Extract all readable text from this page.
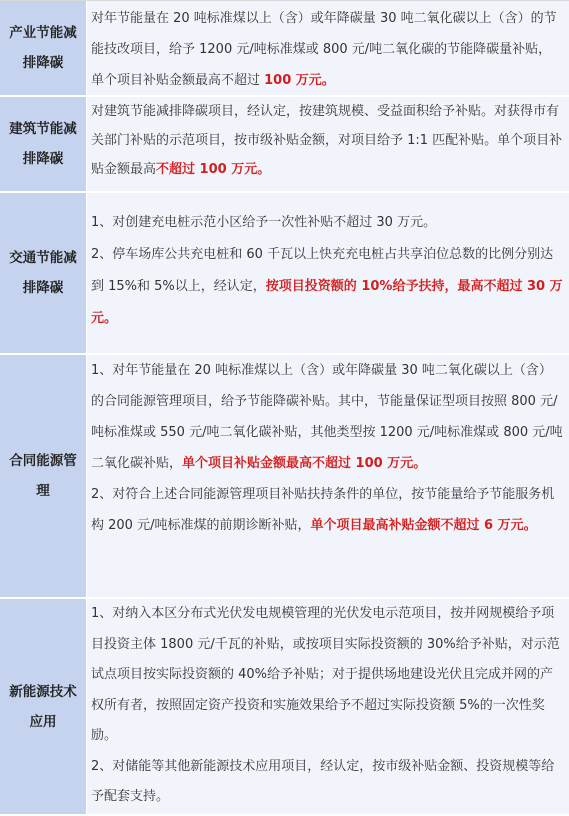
产业节能减排降碳

对年节能量在 20 吨标准煤以上（含）或年降碳量 30 吨二氧化碳以上（含）的节能技改项目，给予 1200 元/吨标准煤或 800 元/吨二氧化碳的节能降碳量补贴，单个项目补贴金额最高不超过 100 万元。

建筑节能减排降碳

对建筑节能减排降碳项目，经认定，按建筑规模、受益面积给予补贴。对获得市有关部门补贴的示范项目，按市级补贴金额，对项目给予 1:1 匹配补贴。单个项目补贴金额最高不超过 100 万元。

交通节能减排降碳

1、对创建充电桩示范小区给予一次性补贴不超过 30 万元。

2、停车场库公共充电桩和 60 千瓦以上快充充电桩占共享泊位总数的比例分别达到 15%和 5%以上，经认定，按项目投资额的 10%给予扶持，最高不超过 30 万元。

合同能源管理

1、对年节能量在 20 吨标准煤以上（含）或年降碳量 30 吨二氧化碳以上（含）的合同能源管理项目，给予节能降碳补贴。其中，节能量保证型项目按照 800 元/吨标准煤或 550 元/吨二氧化碳补贴，其他类型按 1200 元/吨标准煤或 800 元/吨二氧化碳补贴，单个项目补贴金额最高不超过 100 万元。

2、对符合上述合同能源管理项目补贴扶持条件的单位，按节能量给予节能服务机构 200 元/吨标准煤的前期诊断补贴，单个项目最高补贴金额不超过 6 万元。

新能源技术应用

1、对纳入本区分布式光伏发电规模管理的光伏发电示范项目，按并网规模给予项目投资主体 1800 元/千瓦的补贴，或按项目实际投资额的 30%给予补贴，对示范试点项目按实际投资额的 40%给予补贴；对于提供场地建设光伏且完成并网的产权所有者，按照固定资产投资和实施效果给予不超过实际投资额 5%的一次性奖励。

2、对储能等其他新能源技术应用项目，经认定，按市级补贴金额、投资规模等给予配套支持。
